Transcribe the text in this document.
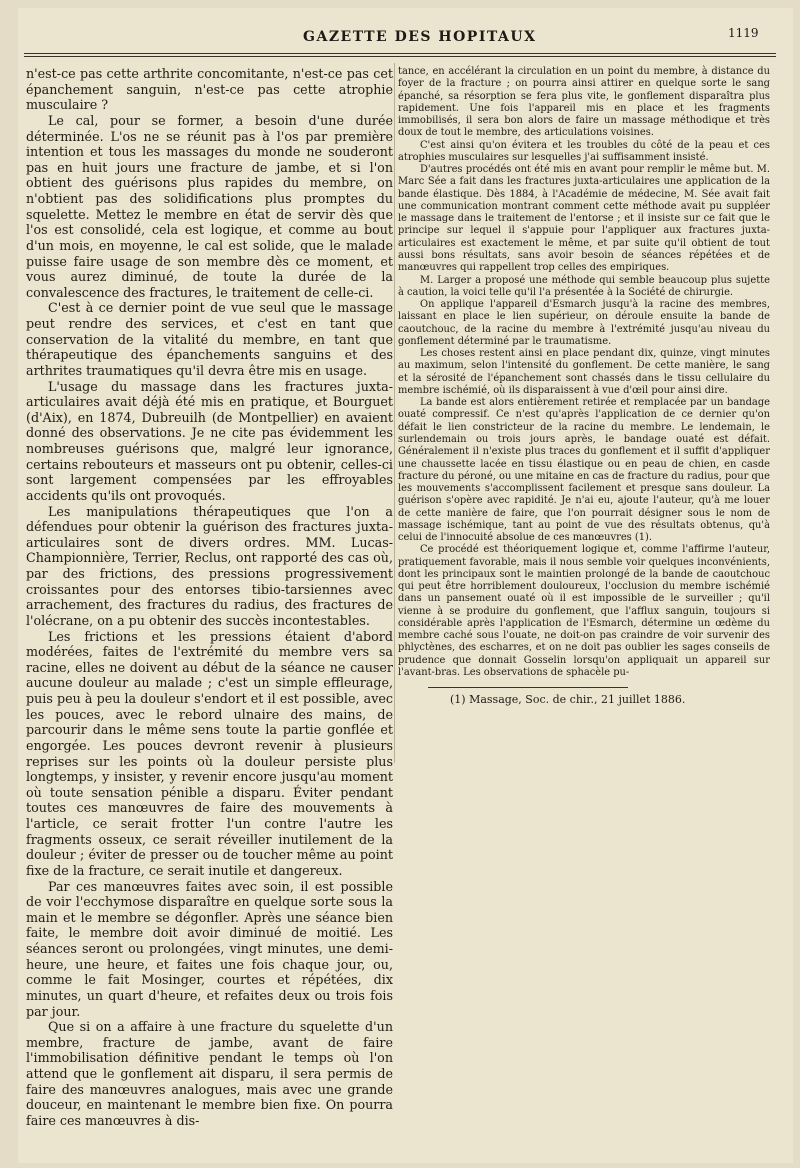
GAZETTE DES HOPITAUX	1119

n'est-ce pas cette arthrite concomitante, n'est-ce pas cet épanchement sanguin, n'est-ce pas cette atrophie musculaire ?

Le cal, pour se former, a besoin d'une durée déterminée. L'os ne se réunit pas à l'os par première intention et tous les massages du monde ne souderont pas en huit jours une fracture de jambe, et si l'on obtient des guérisons plus rapides du membre, on n'obtient pas des solidifications plus promptes du squelette. Mettez le membre en état de servir dès que l'os est consolidé, cela est logique, et comme au bout d'un mois, en moyenne, le cal est solide, que le malade puisse faire usage de son membre dès ce moment, et vous aurez diminué, de toute la durée de la convalescence des fractures, le traitement de celle-ci.

C'est à ce dernier point de vue seul que le massage peut rendre des services, et c'est en tant que conservation de la vitalité du membre, en tant que thérapeutique des épanchements sanguins et des arthrites traumatiques qu'il devra être mis en usage.

L'usage du massage dans les fractures juxta-articulaires avait déjà été mis en pratique, et Bourguet (d'Aix), en 1874, Dubreuilh (de Montpellier) en avaient donné des observations. Je ne cite pas évidemment les nombreuses guérisons que, malgré leur ignorance, certains rebouteurs et masseurs ont pu obtenir, celles-ci sont largement compensées par les effroyables accidents qu'ils ont provoqués.

Les manipulations thérapeutiques que l'on a défendues pour obtenir la guérison des fractures juxta-articulaires sont de divers ordres. MM. Lucas-Championnière, Terrier, Reclus, ont rapporté des cas où, par des frictions, des pressions progressivement croissantes pour des entorses tibio-tarsiennes avec arrachement, des fractures du radius, des fractures de l'olécrane, on a pu obtenir des succès incontestables.

Les frictions et les pressions étaient d'abord modérées, faites de l'extrémité du membre vers sa racine, elles ne doivent au début de la séance ne causer aucune douleur au malade ; c'est un simple effleurage, puis peu à peu la douleur s'endort et il est possible, avec les pouces, avec le rebord ulnaire des mains, de parcourir dans le même sens toute la partie gonflée et engorgée. Les pouces devront revenir à plusieurs reprises sur les points où la douleur persiste plus longtemps, y insister, y revenir encore jusqu'au moment où toute sensation pénible a disparu. Éviter pendant toutes ces manœuvres de faire des mouvements à l'article, ce serait frotter l'un contre l'autre les fragments osseux, ce serait réveiller inutilement de la douleur ; éviter de presser ou de toucher même au point fixe de la fracture, ce serait inutile et dangereux.

Par ces manœuvres faites avec soin, il est possible de voir l'ecchymose disparaître en quelque sorte sous la main et le membre se dégonfler. Après une séance bien faite, le membre doit avoir diminué de moitié. Les séances seront ou prolongées, vingt minutes, une demi-heure, une heure, et faites une fois chaque jour, ou, comme le fait Mosinger, courtes et répétées, dix minutes, un quart d'heure, et refaites deux ou trois fois par jour.

Que si on a affaire à une fracture du squelette d'un membre, fracture de jambe, avant de faire l'immobilisation définitive pendant le temps où l'on attend que le gonflement ait disparu, il sera permis de faire des manœuvres analogues, mais avec une grande douceur, en maintenant le membre bien fixe. On pourra faire ces manœuvres à dis-

tance, en accélérant la circulation en un point du membre, à distance du foyer de la fracture ; on pourra ainsi attirer en quelque sorte le sang épanché, sa résorption se fera plus vite, le gonflement disparaîtra plus rapidement. Une fois l'appareil mis en place et les fragments immobilisés, il sera bon alors de faire un massage méthodique et très doux de tout le membre, des articulations voisines.

C'est ainsi qu'on évitera et les troubles du côté de la peau et ces atrophies musculaires sur lesquelles j'ai suffisamment insisté.

D'autres procédés ont été mis en avant pour remplir le même but. M. Marc Sée a fait dans les fractures juxta-articulaires une application de la bande élastique. Dès 1884, à l'Académie de médecine, M. Sée avait fait une communication montrant comment cette méthode avait pu suppléer le massage dans le traitement de l'entorse ; et il insiste sur ce fait que le principe sur lequel il s'appuie pour l'appliquer aux fractures juxta-articulaires est exactement le même, et par suite qu'il obtient de tout aussi bons résultats, sans avoir besoin de séances répétées et de manœuvres qui rappellent trop celles des empiriques.

M. Larger a proposé une méthode qui semble beaucoup plus sujette à caution, la voici telle qu'il l'a présentée à la Société de chirurgie.

On applique l'appareil d'Esmarch jusqu'à la racine des membres, laissant en place le lien supérieur, on déroule ensuite la bande de caoutchouc, de la racine du membre à l'extrémité jusqu'au niveau du gonflement déterminé par le traumatisme.

Les choses restent ainsi en place pendant dix, quinze, vingt minutes au maximum, selon l'intensité du gonflement. De cette manière, le sang et la sérosité de l'épanchement sont chassés dans le tissu cellulaire du membre ischémié, où ils disparaissent à vue d'œil pour ainsi dire.

La bande est alors entièrement retirée et remplacée par un bandage ouaté compressif. Ce n'est qu'après l'application de ce dernier qu'on défait le lien constricteur de la racine du membre. Le lendemain, le surlendemain ou trois jours après, le bandage ouaté est défait. Généralement il n'existe plus traces du gonflement et il suffit d'appliquer une chaussette lacée en tissu élastique ou en peau de chien, en casde fracture du péroné, ou une mitaine en cas de fracture du radius, pour que les mouvements s'accomplissent facilement et presque sans douleur. La guérison s'opère avec rapidité. Je n'ai eu, ajoute l'auteur, qu'à me louer de cette manière de faire, que l'on pourrait désigner sous le nom de massage ischémique, tant au point de vue des résultats obtenus, qu'à celui de l'innocuité absolue de ces manœuvres (1).

Ce procédé est théoriquement logique et, comme l'affirme l'auteur, pratiquement favorable, mais il nous semble voir quelques inconvénients, dont les principaux sont le maintien prolongé de la bande de caoutchouc qui peut être horriblement douloureux, l'occlusion du membre ischémié dans un pansement ouaté où il est impossible de le surveiller ; qu'il vienne à se produire du gonflement, que l'afflux sanguin, toujours si considérable après l'application de l'Esmarch, détermine un œdème du membre caché sous l'ouate, ne doit-on pas craindre de voir survenir des phlyctènes, des escharres, et on ne doit pas oublier les sages conseils de prudence que donnait Gosselin lorsqu'on appliquait un appareil sur l'avant-bras. Les observations de sphacèle pu-

(1) Massage, Soc. de chir., 21 juillet 1886.
